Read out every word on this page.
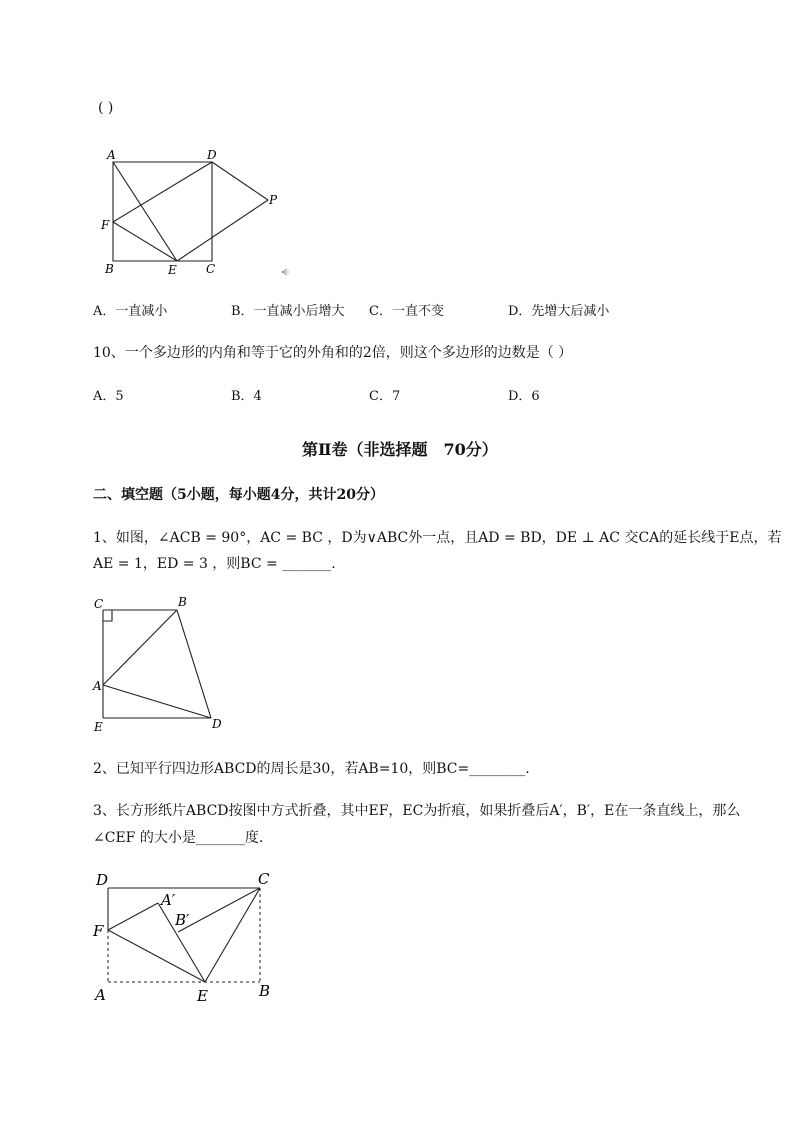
( )
A	D
F
P
B	E C
A．一直减小	B．一直减小后增大 C．一直不变	D．先增大后减小
10、一个多边形的内角和等于它的外角和的2倍，则这个多边形的边数是（ ）
A．5	B．4	C．7	D．6
第Ⅱ卷（非选择题　70分）
二、填空题（5小题，每小题4分，共计20分）
1、如图，∠ACB = 90°，AC = BC ，D为∨ABC外一点，且AD = BD，DE ⊥ AC 交CA的延长线于E点，若
AE = 1，ED = 3 ，则BC = _______.
C	B
A
E	D
2、已知平行四边形ABCD的周长是30，若AB=10，则BC=________.
3、长方形纸片ABCD按图中方式折叠，其中EF，EC为折痕，如果折叠后A′，B′，E在一条直线上，那么
∠CEF 的大小是_______度.
D	C
A′
B′
F
A	E	B
